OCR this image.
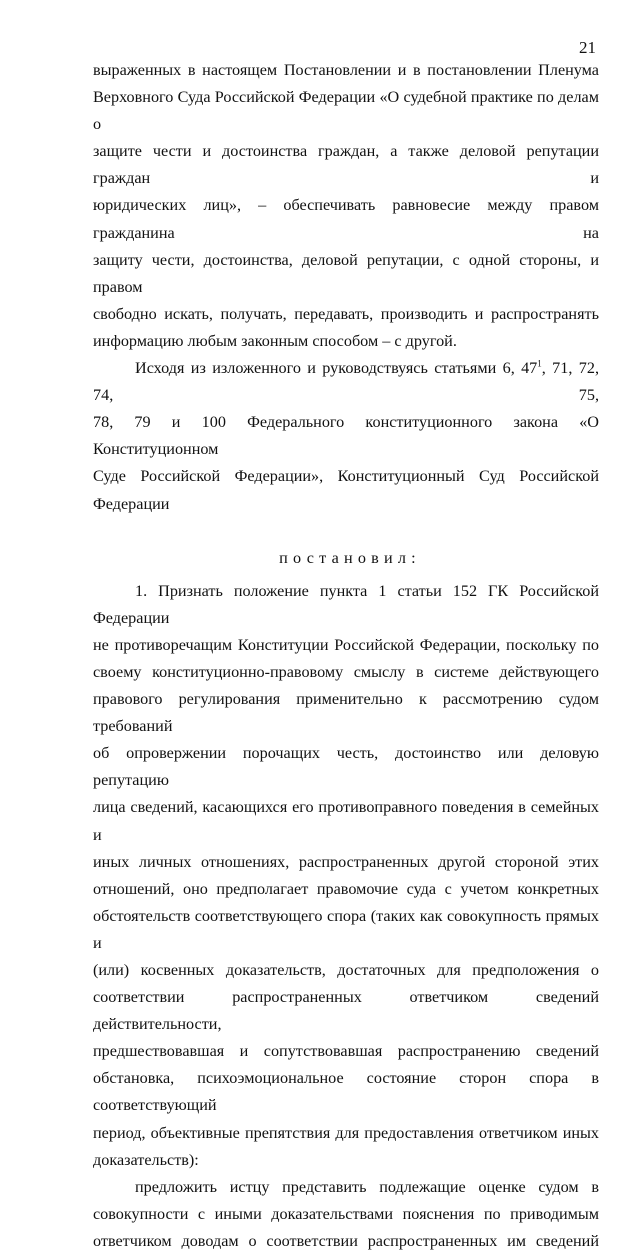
21

выраженных в настоящем Постановлении и в постановлении Пленума

Верховного Суда Российской Федерации «О судебной практике по делам о

защите чести и достоинства граждан, а также деловой репутации граждан и

юридических лиц», – обеспечивать равновесие между правом гражданина на

защиту чести, достоинства, деловой репутации, с одной стороны, и правом

свободно искать, получать, передавать, производить и распространять

информацию любым законным способом – с другой.

Исходя из изложенного и руководствуясь статьями 6, $47^1$, 71, 72, 74, 75,

78, 79 и 100 Федерального конституционного закона «О Конституционном

Суде Российской Федерации», Конституционный Суд Российской Федерации

постановил:

1. Признать положение пункта 1 статьи 152 ГК Российской Федерации

не противоречащим Конституции Российской Федерации, поскольку по

своему конституционно-правовому смыслу в системе действующего

правового регулирования применительно к рассмотрению судом требований

об опровержении порочащих честь, достоинство или деловую репутацию

лица сведений, касающихся его противоправного поведения в семейных и

иных личных отношениях, распространенных другой стороной этих

отношений, оно предполагает правомочие суда с учетом конкретных

обстоятельств соответствующего спора (таких как совокупность прямых и

(или) косвенных доказательств, достаточных для предположения о

соответствии распространенных ответчиком сведений действительности,

предшествовавшая и сопутствовавшая распространению сведений

обстановка, психоэмоциональное состояние сторон спора в соответствующий

период, объективные препятствия для предоставления ответчиком иных

доказательств):

предложить истцу представить подлежащие оценке судом в

совокупности с иными доказательствами пояснения по приводимым

ответчиком доводам о соответствии распространенных им сведений
